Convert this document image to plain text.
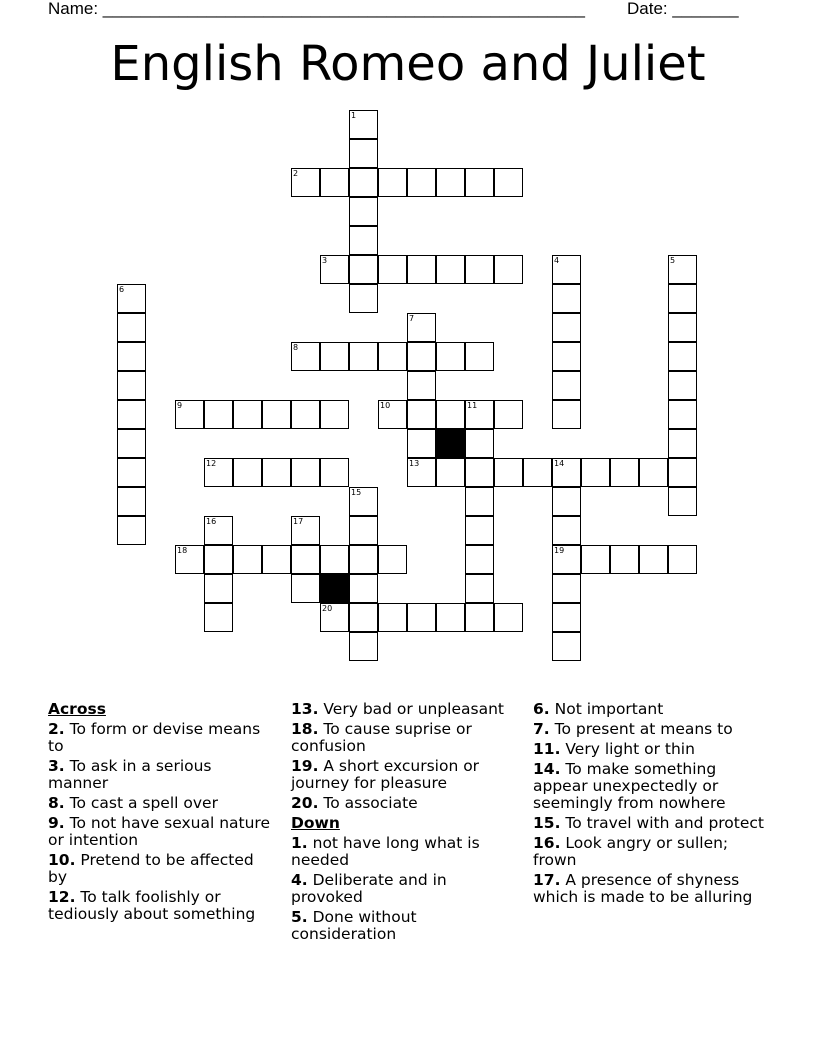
Name: ___________________________________________________ Date: _______
English Romeo and Juliet
1
2
3	4	5
6
7
13
8
9	10	11
12	14
19
15
16	17
18
20
Across
2. To form or devise means to
3. To ask in a serious manner
8. To cast a spell over
9. To not have sexual nature or intention
10. Pretend to be affected by
12. To talk foolishly or tediously about something
13. Very bad or unpleasant
18. To cause suprise or confusion
19. A short excursion or journey for pleasure
20. To associate
Down
1. not have long what is needed
4. Deliberate and in provoked
5. Done without consideration
6. Not important
7. To present at means to
11. Very light or thin
14. To make something appear unexpectedly or seemingly from nowhere
15. To travel with and protect
16. Look angry or sullen; frown
17. A presence of shyness which is made to be alluring
